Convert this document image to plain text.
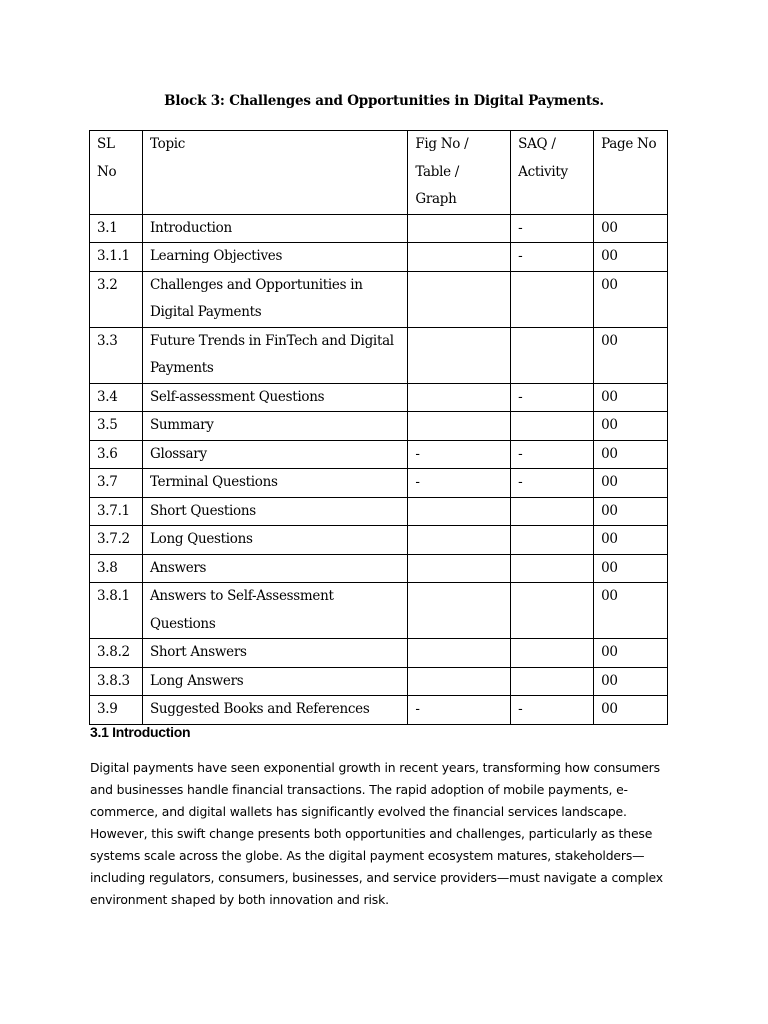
Block 3: Challenges and Opportunities in Digital Payments.
SL No	Topic	Fig No / Table / Graph	SAQ / Activity	Page No
3.1	Introduction		-	00
3.1.1	Learning Objectives		-	00
3.2	Challenges and Opportunities in Digital Payments			00
3.3	Future Trends in FinTech and Digital Payments			00
3.4	Self-assessment Questions		-	00
3.5	Summary			00
3.6	Glossary	-	-	00
3.7	Terminal Questions	-	-	00
3.7.1	Short Questions			00
3.7.2	Long Questions			00
3.8	Answers			00
3.8.1	Answers to Self-Assessment Questions			00
3.8.2	Short Answers			00
3.8.3	Long Answers			00
3.9	Suggested Books and References	-	-	00
3.1 Introduction

Digital payments have seen exponential growth in recent years, transforming how consumers and businesses handle financial transactions. The rapid adoption of mobile payments, e-commerce, and digital wallets has significantly evolved the financial services landscape. However, this swift change presents both opportunities and challenges, particularly as these systems scale across the globe. As the digital payment ecosystem matures, stakeholders—including regulators, consumers, businesses, and service providers—must navigate a complex environment shaped by both innovation and risk.
